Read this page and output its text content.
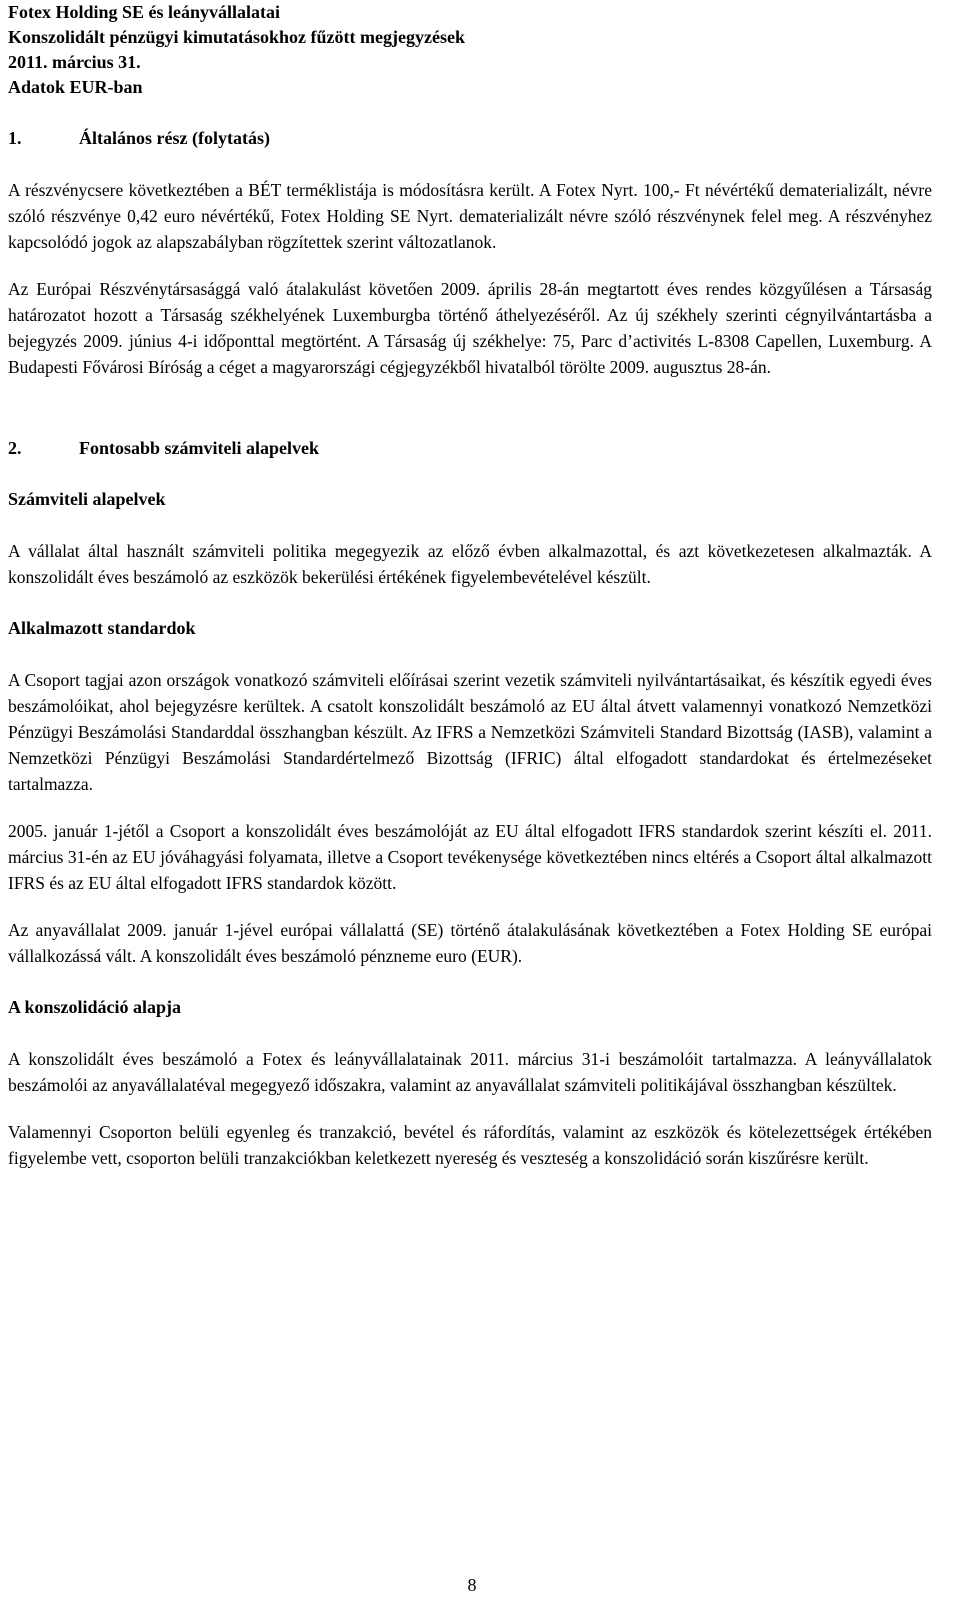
Fotex Holding SE és leányvállalatai
Konszolidált pénzügyi kimutatásokhoz fűzött megjegyzések
2011. március 31.
Adatok EUR-ban
1.	Általános rész (folytatás)

A részvénycsere következtében a BÉT terméklistája is módosításra került. A Fotex Nyrt. 100,- Ft névértékű dematerializált, névre szóló részvénye 0,42 euro névértékű, Fotex Holding SE Nyrt. dematerializált névre szóló részvénynek felel meg. A részvényhez kapcsolódó jogok az alapszabályban rögzítettek szerint változatlanok.

Az Európai Részvénytársasággá való átalakulást követően 2009. április 28-án megtartott éves rendes közgyűlésen a Társaság határozatot hozott a Társaság székhelyének Luxemburgba történő áthelyezéséről. Az új székhely szerinti cégnyilvántartásba a bejegyzés 2009. június 4-i időponttal megtörtént. A Társaság új székhelye: 75, Parc d’activités L-8308 Capellen, Luxemburg. A Budapesti Fővárosi Bíróság a céget a magyarországi cégjegyzékből hivatalból törölte 2009. augusztus 28-án.

2.	Fontosabb számviteli alapelvek
Számviteli alapelvek

A vállalat által használt számviteli politika megegyezik az előző évben alkalmazottal, és azt következetesen alkalmazták. A konszolidált éves beszámoló az eszközök bekerülési értékének figyelembevételével készült.

Alkalmazott standardok

A Csoport tagjai azon országok vonatkozó számviteli előírásai szerint vezetik számviteli nyilvántartásaikat, és készítik egyedi éves beszámolóikat, ahol bejegyzésre kerültek. A csatolt konszolidált beszámoló az EU által átvett valamennyi vonatkozó Nemzetközi Pénzügyi Beszámolási Standarddal összhangban készült. Az IFRS a Nemzetközi Számviteli Standard Bizottság (IASB), valamint a Nemzetközi Pénzügyi Beszámolási Standardértelmező Bizottság (IFRIC) által elfogadott standardokat és értelmezéseket tartalmazza.

2005. január 1-jétől a Csoport a konszolidált éves beszámolóját az EU által elfogadott IFRS standardok szerint készíti el. 2011. március 31-én az EU jóváhagyási folyamata, illetve a Csoport tevékenysége következtében nincs eltérés a Csoport által alkalmazott IFRS és az EU által elfogadott IFRS standardok között.

Az anyavállalat 2009. január 1-jével európai vállalattá (SE) történő átalakulásának következtében a Fotex Holding SE európai vállalkozássá vált. A konszolidált éves beszámoló pénzneme euro (EUR).

A konszolidáció alapja

A konszolidált éves beszámoló a Fotex és leányvállalatainak 2011. március 31-i beszámolóit tartalmazza. A leányvállalatok beszámolói az anyavállalatéval megegyező időszakra, valamint az anyavállalat számviteli politikájával összhangban készültek.

Valamennyi Csoporton belüli egyenleg és tranzakció, bevétel és ráfordítás, valamint az eszközök és kötelezettségek értékében figyelembe vett, csoporton belüli tranzakciókban keletkezett nyereség és veszteség a konszolidáció során kiszűrésre került.

8
